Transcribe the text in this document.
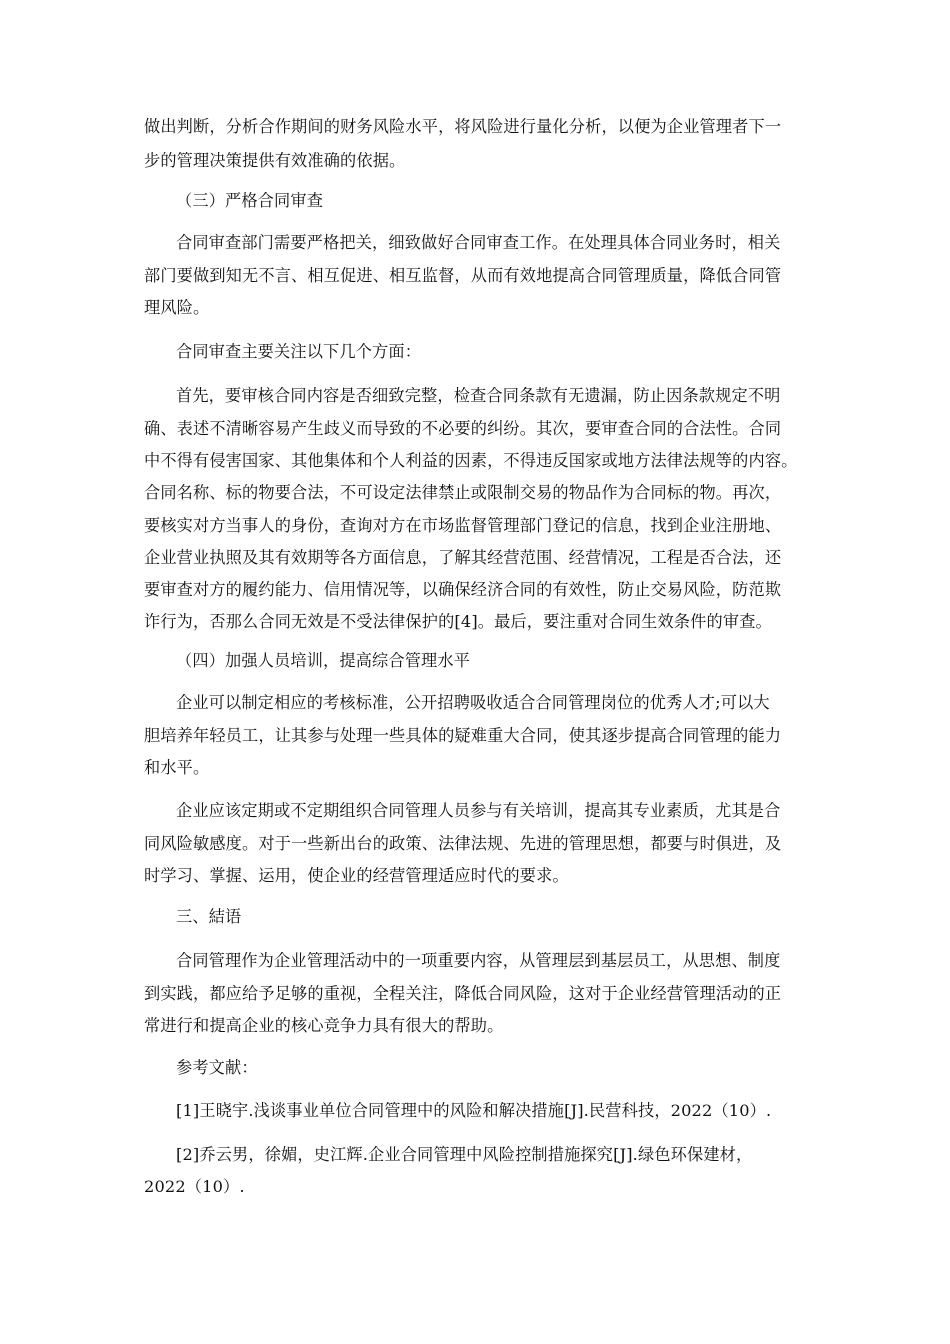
做出判断，分析合作期间的财务风险水平，将风险进行量化分析，以便为企业管理者下一
步的管理决策提供有效准确的依据。
（三）严格合同审查
合同审查部门需要严格把关，细致做好合同审查工作。在处理具体合同业务时，相关
部门要做到知无不言、相互促进、相互监督，从而有效地提高合同管理质量，降低合同管
理风险。
合同审查主要关注以下几个方面：
首先，要审核合同内容是否细致完整，检查合同条款有无遗漏，防止因条款规定不明
确、表述不清晰容易产生歧义而导致的不必要的纠纷。其次，要审查合同的合法性。合同
中不得有侵害国家、其他集体和个人利益的因素，不得违反国家或地方法律法规等的内容。
合同名称、标的物要合法，不可设定法律禁止或限制交易的物品作为合同标的物。再次，
要核实对方当事人的身份，查询对方在市场监督管理部门登记的信息，找到企业注册地、
企业营业执照及其有效期等各方面信息，了解其经营范围、经营情况，工程是否合法，还
要审查对方的履约能力、信用情况等，以确保经济合同的有效性，防止交易风险，防范欺
诈行为，否那么合同无效是不受法律保护的[4]。最后，要注重对合同生效条件的审查。
（四）加强人员培训，提高综合管理水平
企业可以制定相应的考核标准，公开招聘吸收适合合同管理岗位的优秀人才;可以大
胆培养年轻员工，让其参与处理一些具体的疑难重大合同，使其逐步提高合同管理的能力
和水平。
企业应该定期或不定期组织合同管理人员参与有关培训，提高其专业素质，尤其是合
同风险敏感度。对于一些新出台的政策、法律法规、先进的管理思想，都要与时俱进，及
时学习、掌握、运用，使企业的经营管理适应时代的要求。
三、結语
合同管理作为企业管理活动中的一项重要内容，从管理层到基层员工，从思想、制度
到实践，都应给予足够的重视，全程关注，降低合同风险，这对于企业经营管理活动的正
常进行和提高企业的核心竞争力具有很大的帮助。
参考文献：
[1]王晓宇.浅谈事业单位合同管理中的风险和解决措施[J].民营科技，2022（10）.
[2]乔云男，徐媚，史江辉.企业合同管理中风险控制措施探究[J].绿色环保建材，
2022（10）.
